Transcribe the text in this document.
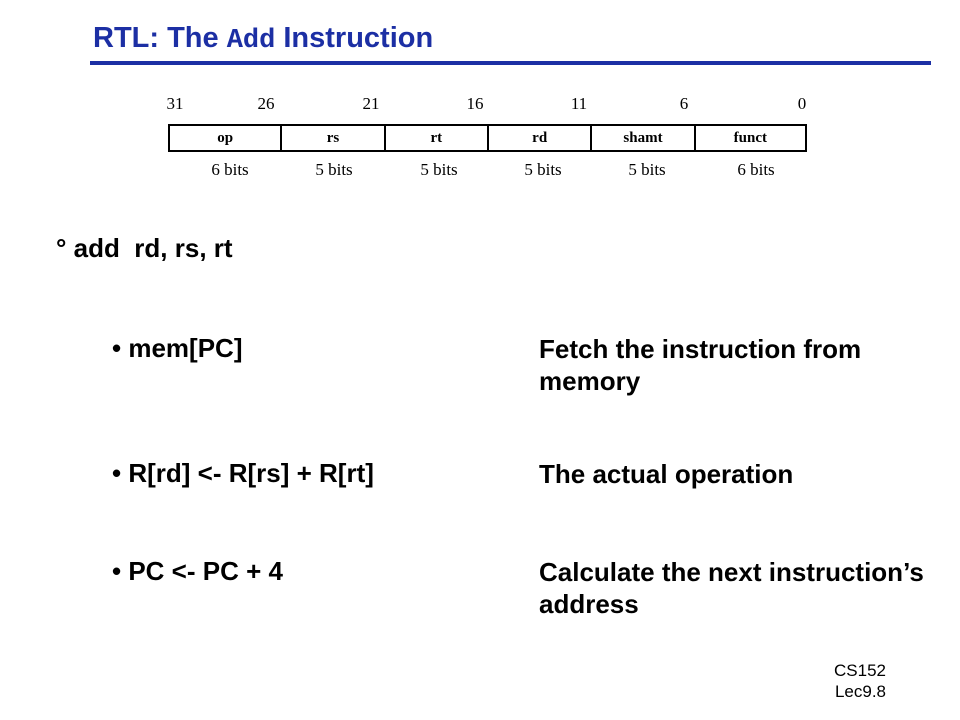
RTL: The Add Instruction
31	26	21	16	11	6	0
op	rs	rt	rd	shamt	funct
6 bits	5 bits	5 bits	5 bits	5 bits	6 bits
° add  rd, rs, rt
• mem[PC]	Fetch the instruction from memory
• R[rd] <- R[rs] + R[rt]	The actual operation
• PC <- PC + 4	Calculate the next instruction’s  address
CS152
Lec9.8
